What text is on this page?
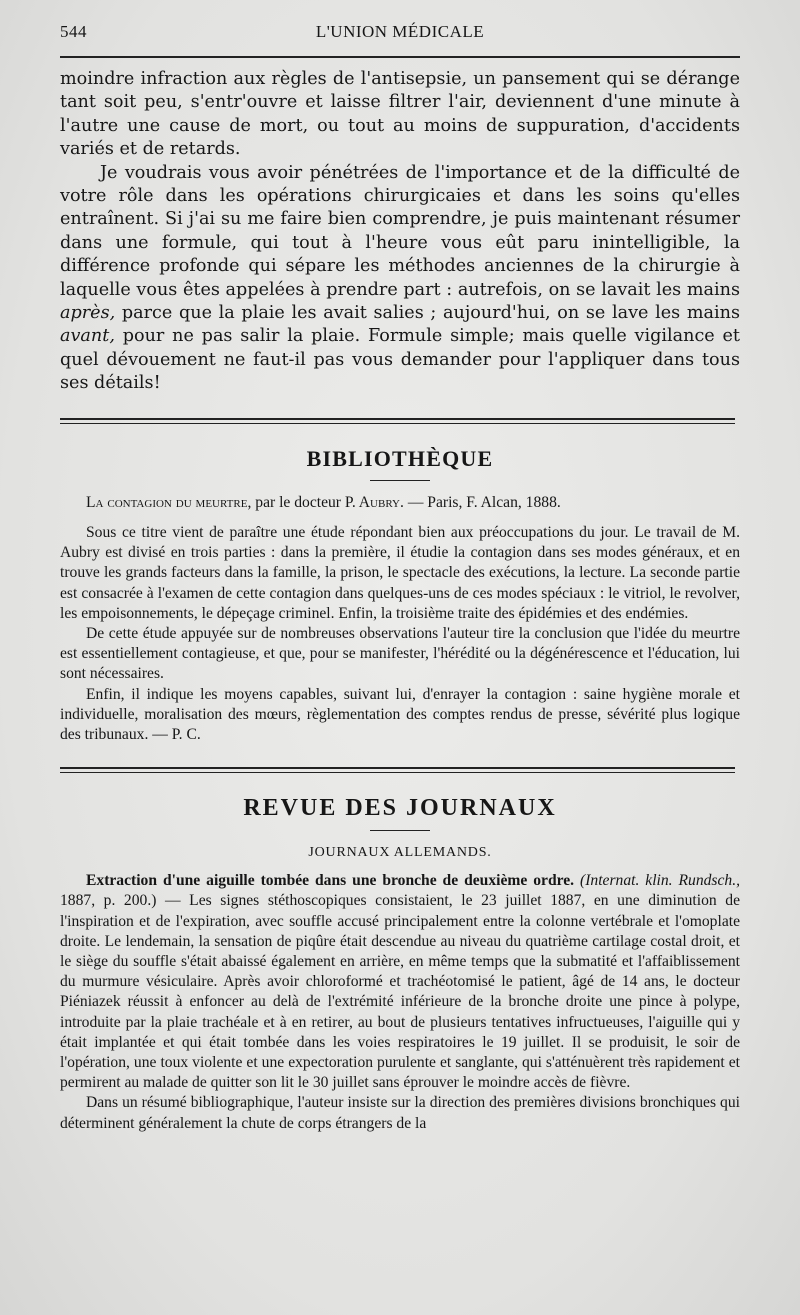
544	L'UNION MÉDICALE

moindre infraction aux règles de l'antisepsie, un pansement qui se dérange tant soit peu, s'entr'ouvre et laisse filtrer l'air, deviennent d'une minute à l'autre une cause de mort, ou tout au moins de suppuration, d'accidents variés et de retards.

Je voudrais vous avoir pénétrées de l'importance et de la difficulté de votre rôle dans les opérations chirurgicaies et dans les soins qu'elles entraînent. Si j'ai su me faire bien comprendre, je puis maintenant résumer dans une formule, qui tout à l'heure vous eût paru inintelligible, la différence profonde qui sépare les méthodes anciennes de la chirurgie à laquelle vous êtes appelées à prendre part : autrefois, on se lavait les mains après, parce que la plaie les avait salies ; aujourd'hui, on se lave les mains avant, pour ne pas salir la plaie. Formule simple; mais quelle vigilance et quel dévouement ne faut-il pas vous demander pour l'appliquer dans tous ses détails!

BIBLIOTHÈQUE

La contagion du meurtre, par le docteur P. Aubry. — Paris, F. Alcan, 1888.

Sous ce titre vient de paraître une étude répondant bien aux préoccupations du jour. Le travail de M. Aubry est divisé en trois parties : dans la première, il étudie la contagion dans ses modes généraux, et en trouve les grands facteurs dans la famille, la prison, le spectacle des exécutions, la lecture. La seconde partie est consacrée à l'examen de cette contagion dans quelques-uns de ces modes spéciaux : le vitriol, le revolver, les empoisonnements, le dépeçage criminel. Enfin, la troisième traite des épidémies et des endémies.

De cette étude appuyée sur de nombreuses observations l'auteur tire la conclusion que l'idée du meurtre est essentiellement contagieuse, et que, pour se manifester, l'hérédité ou la dégénérescence et l'éducation, lui sont nécessaires.

Enfin, il indique les moyens capables, suivant lui, d'enrayer la contagion : saine hygiène morale et individuelle, moralisation des mœurs, règlementation des comptes rendus de presse, sévérité plus logique des tribunaux. — P. C.

REVUE DES JOURNAUX
JOURNAUX ALLEMANDS.

Extraction d'une aiguille tombée dans une bronche de deuxième ordre. (Internat. klin. Rundsch., 1887, p. 200.) — Les signes stéthoscopiques consistaient, le 23 juillet 1887, en une diminution de l'inspiration et de l'expiration, avec souffle accusé principalement entre la colonne vertébrale et l'omoplate droite. Le lendemain, la sensation de piqûre était descendue au niveau du quatrième cartilage costal droit, et le siège du souffle s'était abaissé également en arrière, en même temps que la submatité et l'affaiblissement du murmure vésiculaire. Après avoir chloroformé et trachéotomisé le patient, âgé de 14 ans, le docteur Piéniazek réussit à enfoncer au delà de l'extrémité inférieure de la bronche droite une pince à polype, introduite par la plaie trachéale et à en retirer, au bout de plusieurs tentatives infructueuses, l'aiguille qui y était implantée et qui était tombée dans les voies respiratoires le 19 juillet. Il se produisit, le soir de l'opération, une toux violente et une expectoration purulente et sanglante, qui s'atténuèrent très rapidement et permirent au malade de quitter son lit le 30 juillet sans éprouver le moindre accès de fièvre.

Dans un résumé bibliographique, l'auteur insiste sur la direction des premières divisions bronchiques qui déterminent généralement la chute de corps étrangers de la
